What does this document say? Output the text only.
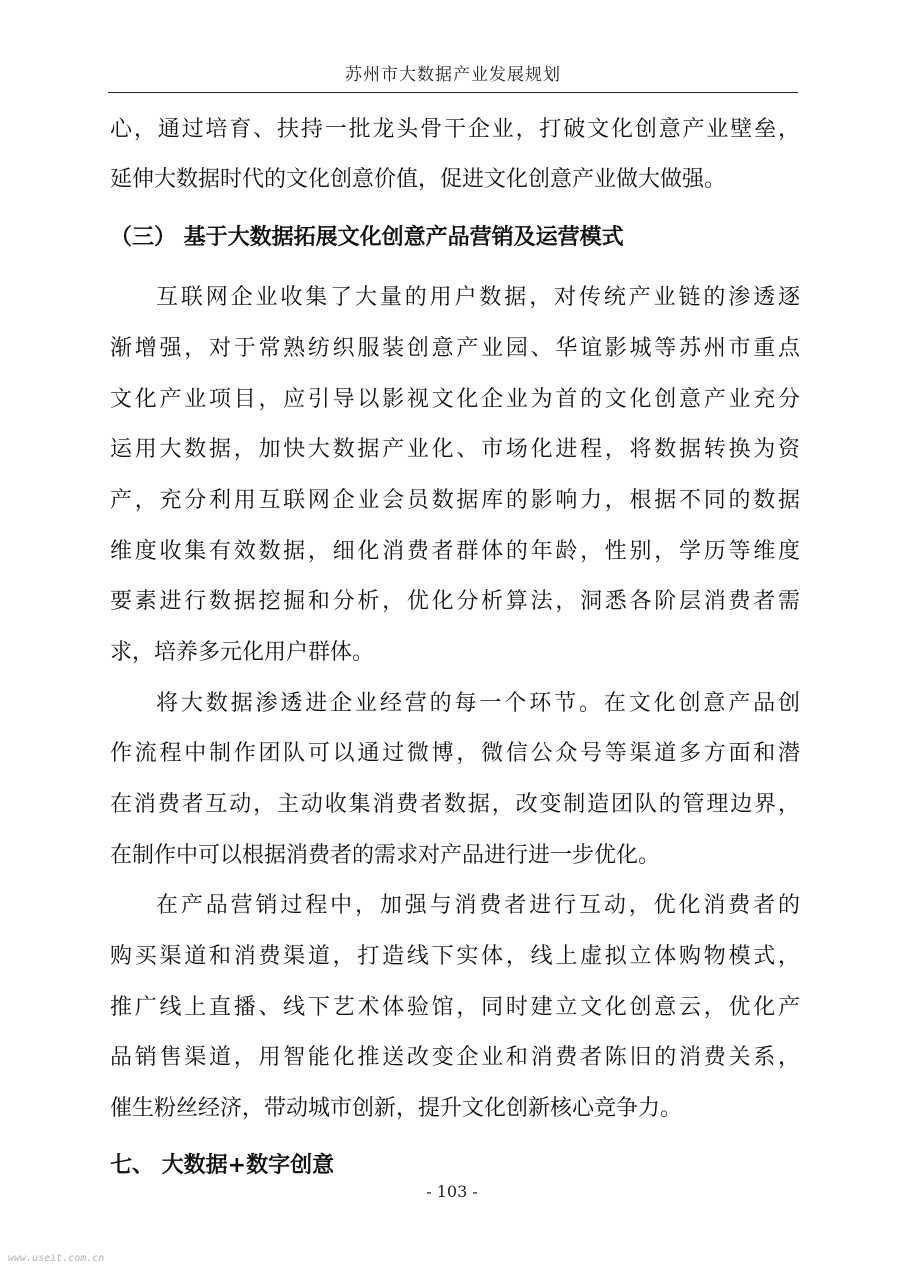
苏州市大数据产业发展规划
心，通过培育、扶持一批龙头骨干企业，打破文化创意产业壁垒，
延伸大数据时代的文化创意价值，促进文化创意产业做大做强。
（三） 基于大数据拓展文化创意产品营销及运营模式
互联网企业收集了大量的用户数据，对传统产业链的渗透逐
渐增强，对于常熟纺织服装创意产业园、华谊影城等苏州市重点
文化产业项目，应引导以影视文化企业为首的文化创意产业充分
运用大数据，加快大数据产业化、市场化进程，将数据转换为资
产，充分利用互联网企业会员数据库的影响力，根据不同的数据
维度收集有效数据，细化消费者群体的年龄，性别，学历等维度
要素进行数据挖掘和分析，优化分析算法，洞悉各阶层消费者需
求，培养多元化用户群体。
将大数据渗透进企业经营的每一个环节。在文化创意产品创
作流程中制作团队可以通过微博，微信公众号等渠道多方面和潜
在消费者互动，主动收集消费者数据，改变制造团队的管理边界，
在制作中可以根据消费者的需求对产品进行进一步优化。
在产品营销过程中，加强与消费者进行互动，优化消费者的
购买渠道和消费渠道，打造线下实体，线上虚拟立体购物模式，
推广线上直播、线下艺术体验馆，同时建立文化创意云，优化产
品销售渠道，用智能化推送改变企业和消费者陈旧的消费关系，
催生粉丝经济，带动城市创新，提升文化创新核心竞争力。
七、 大数据+数字创意
- 103 -
www.useit.com.cn
